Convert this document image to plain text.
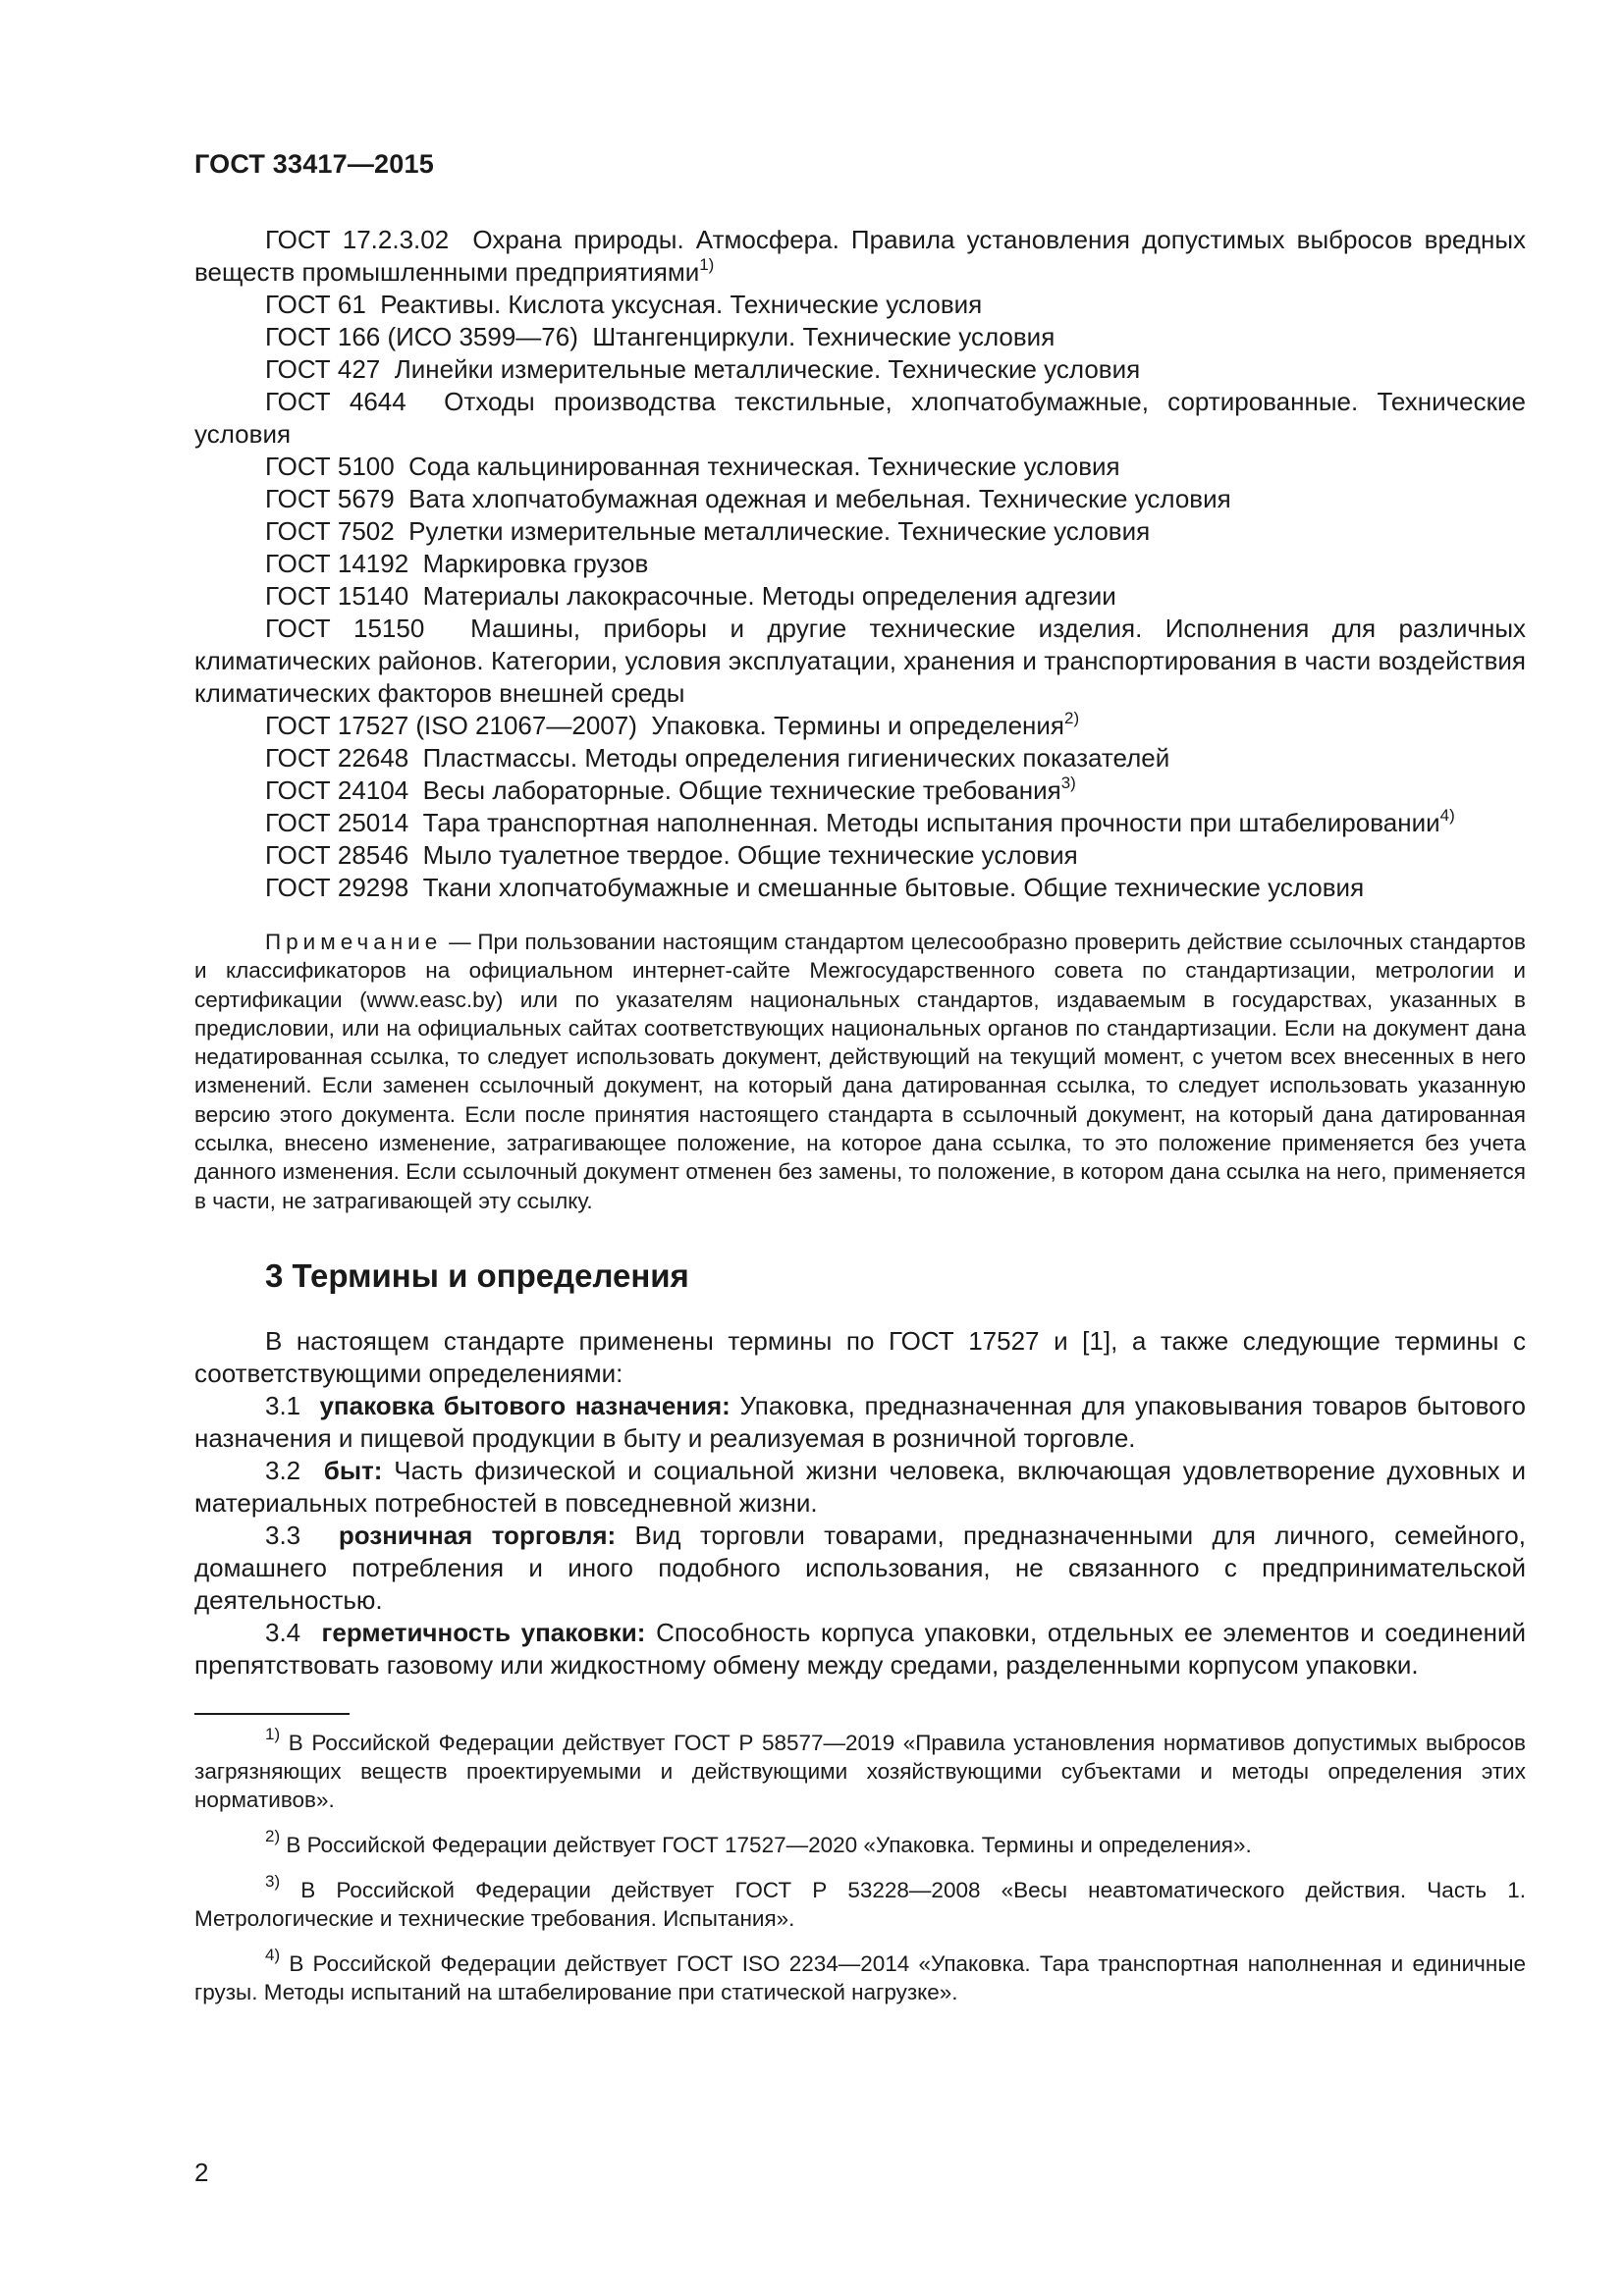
ГОСТ 33417—2015

ГОСТ 17.2.3.02 Охрана природы. Атмосфера. Правила установления допустимых выбросов вредных веществ промышленными предприятиями$^{1)}$

ГОСТ 61 Реактивы. Кислота уксусная. Технические условия

ГОСТ 166 (ИСО 3599—76) Штангенциркули. Технические условия

ГОСТ 427 Линейки измерительные металлические. Технические условия

ГОСТ 4644 Отходы производства текстильные, хлопчатобумажные, сортированные. Технические условия

ГОСТ 5100 Сода кальцинированная техническая. Технические условия

ГОСТ 5679 Вата хлопчатобумажная одежная и мебельная. Технические условия

ГОСТ 7502 Рулетки измерительные металлические. Технические условия

ГОСТ 14192 Маркировка грузов

ГОСТ 15140 Материалы лакокрасочные. Методы определения адгезии

ГОСТ 15150 Машины, приборы и другие технические изделия. Исполнения для различных климатических районов. Категории, условия эксплуатации, хранения и транспортирования в части воздействия климатических факторов внешней среды

ГОСТ 17527 (ISO 21067—2007) Упаковка. Термины и определения$^{2)}$

ГОСТ 22648 Пластмассы. Методы определения гигиенических показателей

ГОСТ 24104 Весы лабораторные. Общие технические требования$^{3)}$

ГОСТ 25014 Тара транспортная наполненная. Методы испытания прочности при штабелировании$^{4)}$

ГОСТ 28546 Мыло туалетное твердое. Общие технические условия

ГОСТ 29298 Ткани хлопчатобумажные и смешанные бытовые. Общие технические условия

Примечание — При пользовании настоящим стандартом целесообразно проверить действие ссылочных стандартов и классификаторов на официальном интернет-сайте Межгосударственного совета по стандартизации, метрологии и сертификации (www.easc.by) или по указателям национальных стандартов, издаваемым в государствах, указанных в предисловии, или на официальных сайтах соответствующих национальных органов по стандартизации. Если на документ дана недатированная ссылка, то следует использовать документ, действующий на текущий момент, с учетом всех внесенных в него изменений. Если заменен ссылочный документ, на который дана датированная ссылка, то следует использовать указанную версию этого документа. Если после принятия настоящего стандарта в ссылочный документ, на который дана датированная ссылка, внесено изменение, затрагивающее положение, на которое дана ссылка, то это положение применяется без учета данного изменения. Если ссылочный документ отменен без замены, то положение, в котором дана ссылка на него, применяется в части, не затрагивающей эту ссылку.
3 Термины и определения

В настоящем стандарте применены термины по ГОСТ 17527 и [1], а также следующие термины с соответствующими определениями:

3.1 упаковка бытового назначения: Упаковка, предназначенная для упаковывания товаров бытового назначения и пищевой продукции в быту и реализуемая в розничной торговле.

3.2 быт: Часть физической и социальной жизни человека, включающая удовлетворение духовных и материальных потребностей в повседневной жизни.

3.3 розничная торговля: Вид торговли товарами, предназначенными для личного, семейного, домашнего потребления и иного подобного использования, не связанного с предпринимательской деятельностью.

3.4 герметичность упаковки: Способность корпуса упаковки, отдельных ее элементов и соединений препятствовать газовому или жидкостному обмену между средами, разделенными корпусом упаковки.

$^{1)}$ В Российской Федерации действует ГОСТ Р 58577—2019 «Правила установления нормативов допустимых выбросов загрязняющих веществ проектируемыми и действующими хозяйствующими субъектами и методы определения этих нормативов».

$^{2)}$ В Российской Федерации действует ГОСТ 17527—2020 «Упаковка. Термины и определения».

$^{3)}$ В Российской Федерации действует ГОСТ Р 53228—2008 «Весы неавтоматического действия. Часть 1. Метрологические и технические требования. Испытания».

$^{4)}$ В Российской Федерации действует ГОСТ ISO 2234—2014 «Упаковка. Тара транспортная наполненная и единичные грузы. Методы испытаний на штабелирование при статической нагрузке».

2
